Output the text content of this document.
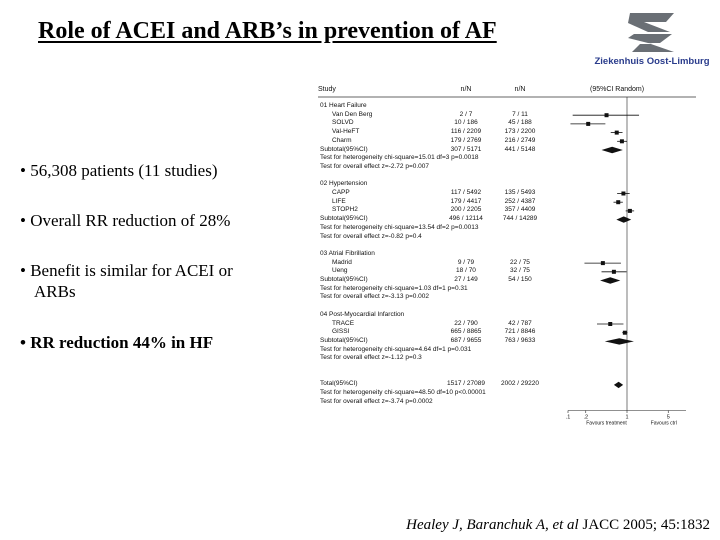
Role of ACEI and ARB’s in prevention of AF
Ziekenhuis Oost-Limburg
• 56,308 patients (11 studies)
• Overall RR reduction of 28%
• Benefit is similar for ACEI or
ARBs
• RR reduction 44% in HF
Study	n/N	n/N	(95%CI Random)
.1 .2	1	5
Favours treatment	Favours ctrl
01 Heart Failure
Van Den Berg	2 / 7	7 / 11
SOLVD	10 / 186	45 / 188
Val-HeFT	116 / 2209	173 / 2200
Charm	179 / 2769	216 / 2749
Subtotal(95%CI)	307 / 5171	441 / 5148
Test for heterogeneity chi-square=15.01 df=3 p=0.0018
Test for overall effect z=-2.72 p=0.007
02 Hypertension
CAPP	117 / 5492	135 / 5493
LIFE	179 / 4417	252 / 4387
STOPH2	200 / 2205	357 / 4409
Subtotal(95%CI)	496 / 12114	744 / 14289
Test for heterogeneity chi-square=13.54 df=2 p=0.0013
Test for overall effect z=-0.82 p=0.4
03 Atrial Fibrillation
Madrid	9 / 79	22 / 75
Ueng	18 / 70	32 / 75
Subtotal(95%CI)	27 / 149	54 / 150
Test for heterogeneity chi-square=1.03 df=1 p=0.31
Test for overall effect z=-3.13 p=0.002
04 Post-Myocardial Infarction
TRACE	22 / 790	42 / 787
GISSI	665 / 8865	721 / 8846
Subtotal(95%CI)	687 / 9655	763 / 9633
Test for heterogeneity chi-square=4.64 df=1 p=0.031
Test for overall effect z=-1.12 p=0.3
Total(95%CI)	1517 / 27089	2002 / 29220
Test for heterogeneity chi-square=48.50 df=10 p<0.00001
Test for overall effect z=-3.74 p=0.0002
Healey J, Baranchuk A, et al JACC 2005; 45:1832
